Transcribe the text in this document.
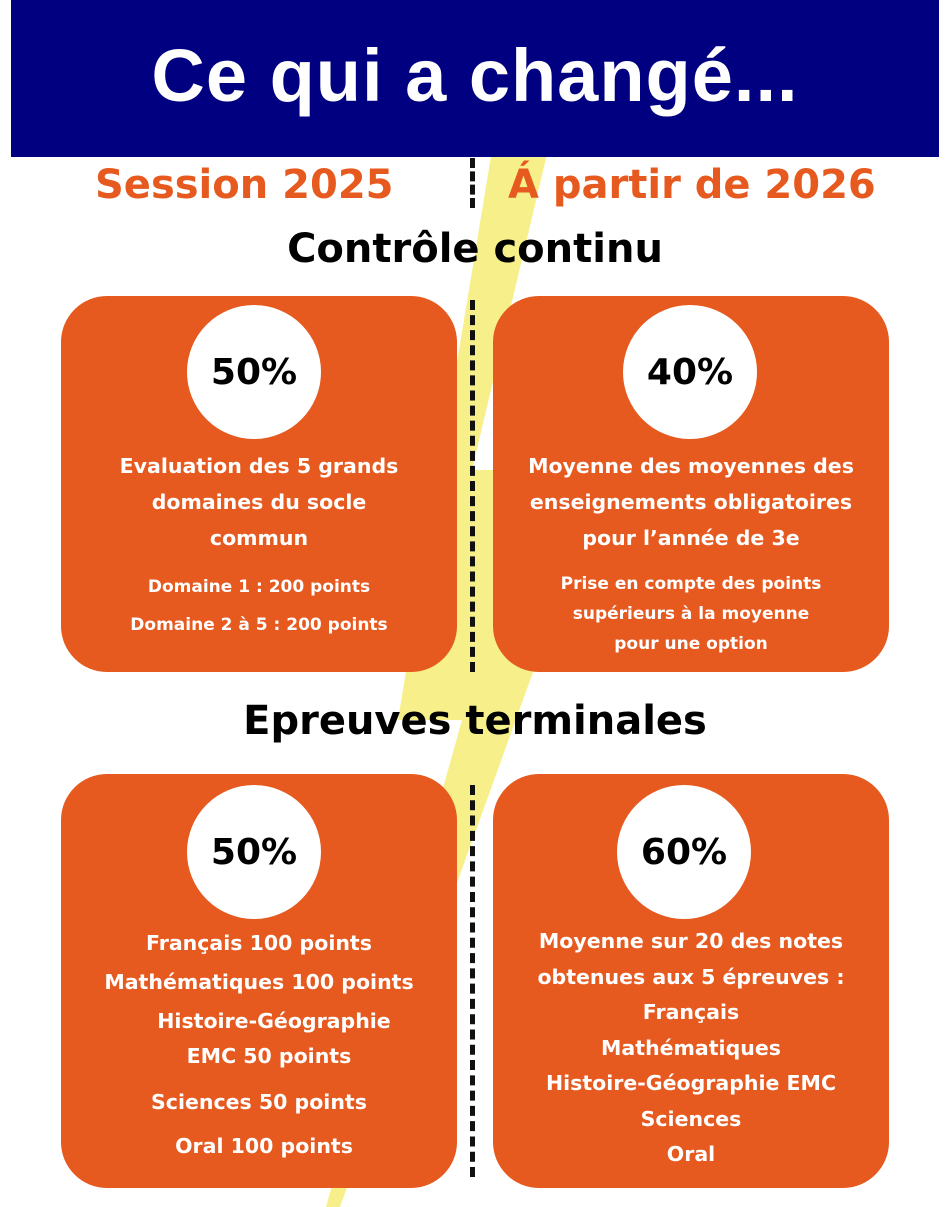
Ce qui a changé...
Session 2025	Á partir de 2026
Contrôle continu
50%
Evaluation des 5 grands
domaines du socle
commun
Domaine 1 : 200 points
Domaine 2 à 5 : 200 points
40%
Moyenne des moyennes des
enseignements obligatoires
pour l’année de 3e
Prise en compte des points
supérieurs à la moyenne
pour une option
Epreuves terminales
50%
Français 100 points
Mathématiques 100 points
Histoire-Géographie
EMC 50 points
Sciences 50 points
Oral 100 points
60%
Moyenne sur 20 des notes
obtenues aux 5 épreuves :
Français
Mathématiques
Histoire-Géographie EMC
Sciences
Oral
